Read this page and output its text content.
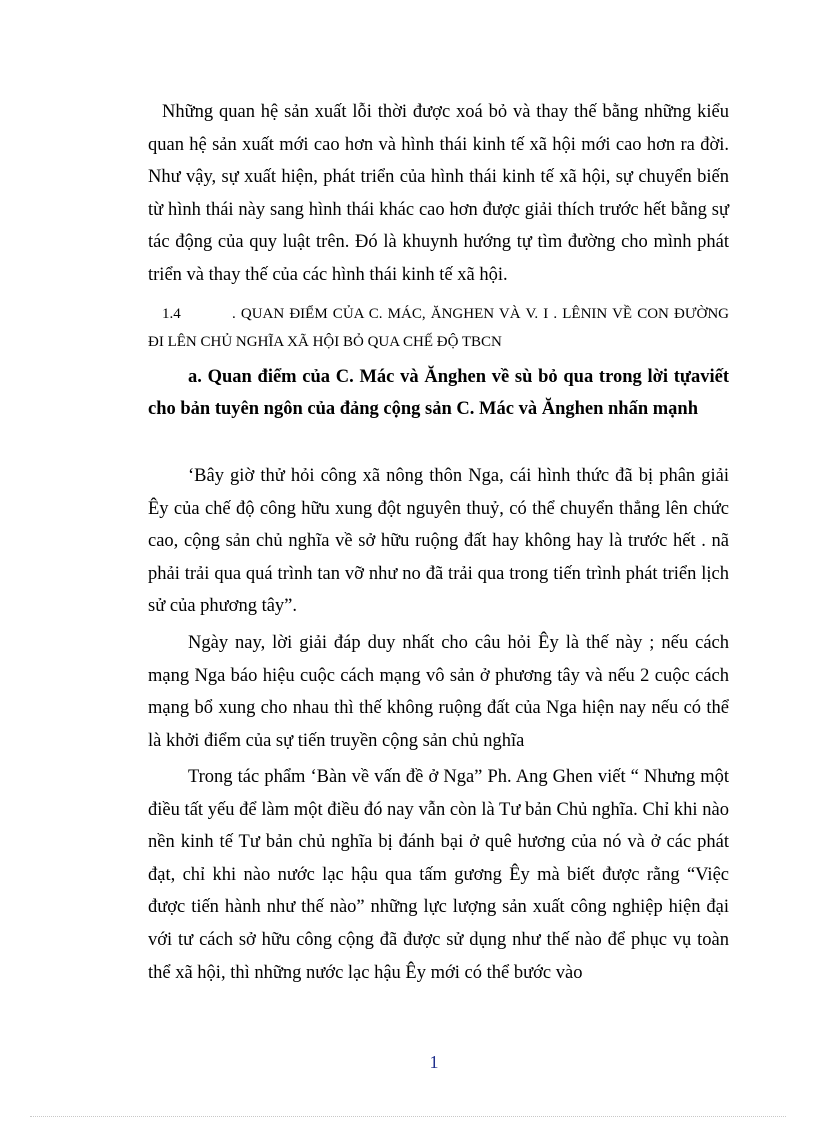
Những quan hệ sản xuất lỗi thời được xoá bỏ và thay thế bằng những kiểu quan hệ sản xuất mới cao hơn và hình thái kinh tế xã hội mới cao hơn ra đời. Như vậy, sự xuất hiện, phát triển của hình thái kinh tế xã hội, sự chuyển biến từ hình thái này sang hình thái khác cao hơn được giải thích trước hết bằng sự tác động của quy luật trên. Đó là khuynh hướng tự tìm đường cho mình phát triển và thay thế của các hình thái kinh tế xã hội.

1.4	. QUAN ĐIỂM CỦA C. MÁC, ĂNGHEN VÀ V. I . LÊNIN VỀ CON ĐƯỜNG ĐI LÊN CHỦ NGHĨA XÃ HỘI BỎ QUA CHẾ ĐỘ TBCN

a. Quan điểm của C. Mác và Ănghen về sù bỏ qua trong lời tựaviết cho bản tuyên ngôn của đảng cộng sản C. Mác và Ănghen nhấn mạnh

‘Bây giờ thử hỏi công xã nông thôn Nga, cái hình thức đã bị phân giải Êy của chế độ công hữu xung đột nguyên thuỷ, có thể chuyển thẳng lên chức cao, cộng sản chủ nghĩa về sở hữu ruộng đất hay không hay là trước hết . nã phải trải qua quá trình tan vỡ như no đã trải qua trong tiến trình phát triển lịch sử của phương tây”.

Ngày nay, lời giải đáp duy nhất cho câu hỏi Êy là thế này ; nếu cách mạng Nga báo hiệu cuộc cách mạng vô sản ở phương tây và nếu 2 cuộc cách mạng bổ xung cho nhau thì thế không ruộng đất của Nga hiện nay nếu có thể là khởi điểm của sự tiến truyền cộng sản chủ nghĩa

Trong tác phẩm ‘Bàn về vấn đề ở Nga” Ph. Ang Ghen viết “ Nhưng một điều tất yếu để làm một điều đó nay vẫn còn là Tư bản Chủ nghĩa. Chỉ khi nào nền kinh tế Tư bản chủ nghĩa bị đánh bại ở quê hương của nó và ở các phát đạt, chỉ khi nào nước lạc hậu qua tấm gương Êy mà biết được rằng “Việc được tiến hành như thế nào” những lực lượng sản xuất công nghiệp hiện đại với tư cách sở hữu công cộng đã được sử dụng như thế nào để phục vụ toàn thể xã hội, thì những nước lạc hậu Êy mới có thể bước vào

1
